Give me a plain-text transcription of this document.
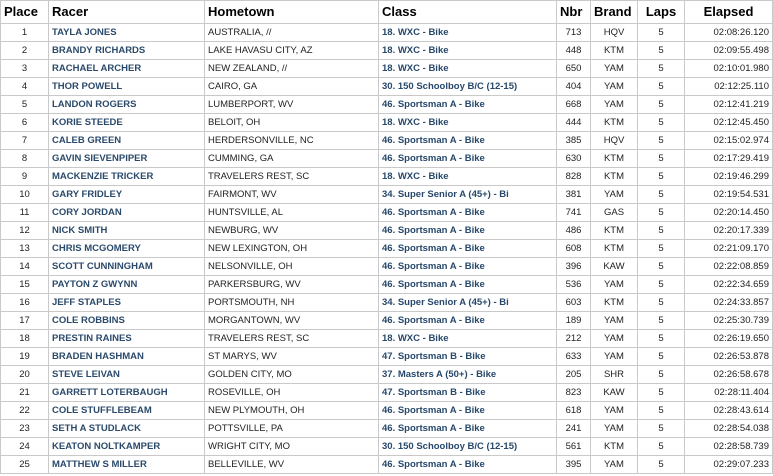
Place	Racer	Hometown	Class	Nbr	Brand	Laps	Elapsed
1	TAYLA JONES	AUSTRALIA, //	18. WXC - Bike	713	HQV	5	02:08:26.120
2	BRANDY RICHARDS	LAKE HAVASU CITY, AZ	18. WXC - Bike	448	KTM	5	02:09:55.498
3	RACHAEL ARCHER	NEW ZEALAND, //	18. WXC - Bike	650	YAM	5	02:10:01.980
4	THOR POWELL	CAIRO, GA	30. 150 Schoolboy B/C (12-15)	404	YAM	5	02:12:25.110
5	LANDON ROGERS	LUMBERPORT, WV	46. Sportsman A - Bike	668	YAM	5	02:12:41.219
6	KORIE STEEDE	BELOIT, OH	18. WXC - Bike	444	KTM	5	02:12:45.450
7	CALEB GREEN	HERDERSONVILLE, NC	46. Sportsman A - Bike	385	HQV	5	02:15:02.974
8	GAVIN SIEVENPIPER	CUMMING, GA	46. Sportsman A - Bike	630	KTM	5	02:17:29.419
9	MACKENZIE TRICKER	TRAVELERS REST, SC	18. WXC - Bike	828	KTM	5	02:19:46.299
10	GARY FRIDLEY	FAIRMONT, WV	34. Super Senior A (45+) - Bi	381	YAM	5	02:19:54.531
11	CORY JORDAN	HUNTSVILLE, AL	46. Sportsman A - Bike	741	GAS	5	02:20:14.450
12	NICK SMITH	NEWBURG, WV	46. Sportsman A - Bike	486	KTM	5	02:20:17.339
13	CHRIS MCGOMERY	NEW LEXINGTON, OH	46. Sportsman A - Bike	608	KTM	5	02:21:09.170
14	SCOTT CUNNINGHAM	NELSONVILLE, OH	46. Sportsman A - Bike	396	KAW	5	02:22:08.859
15	PAYTON Z GWYNN	PARKERSBURG, WV	46. Sportsman A - Bike	536	YAM	5	02:22:34.659
16	JEFF STAPLES	PORTSMOUTH, NH	34. Super Senior A (45+) - Bi	603	KTM	5	02:24:33.857
17	COLE ROBBINS	MORGANTOWN, WV	46. Sportsman A - Bike	189	YAM	5	02:25:30.739
18	PRESTIN RAINES	TRAVELERS REST, SC	18. WXC - Bike	212	YAM	5	02:26:19.650
19	BRADEN HASHMAN	ST MARYS, WV	47. Sportsman B - Bike	633	YAM	5	02:26:53.878
20	STEVE LEIVAN	GOLDEN CITY, MO	37. Masters A (50+) - Bike	205	SHR	5	02:26:58.678
21	GARRETT LOTERBAUGH	ROSEVILLE, OH	47. Sportsman B - Bike	823	KAW	5	02:28:11.404
22	COLE STUFFLEBEAM	NEW PLYMOUTH, OH	46. Sportsman A - Bike	618	YAM	5	02:28:43.614
23	SETH A STUDLACK	POTTSVILLE, PA	46. Sportsman A - Bike	241	YAM	5	02:28:54.038
24	KEATON NOLTKAMPER	WRIGHT CITY, MO	30. 150 Schoolboy B/C (12-15)	561	KTM	5	02:28:58.739
25	MATTHEW S MILLER	BELLEVILLE, WV	46. Sportsman A - Bike	395	YAM	5	02:29:07.233
